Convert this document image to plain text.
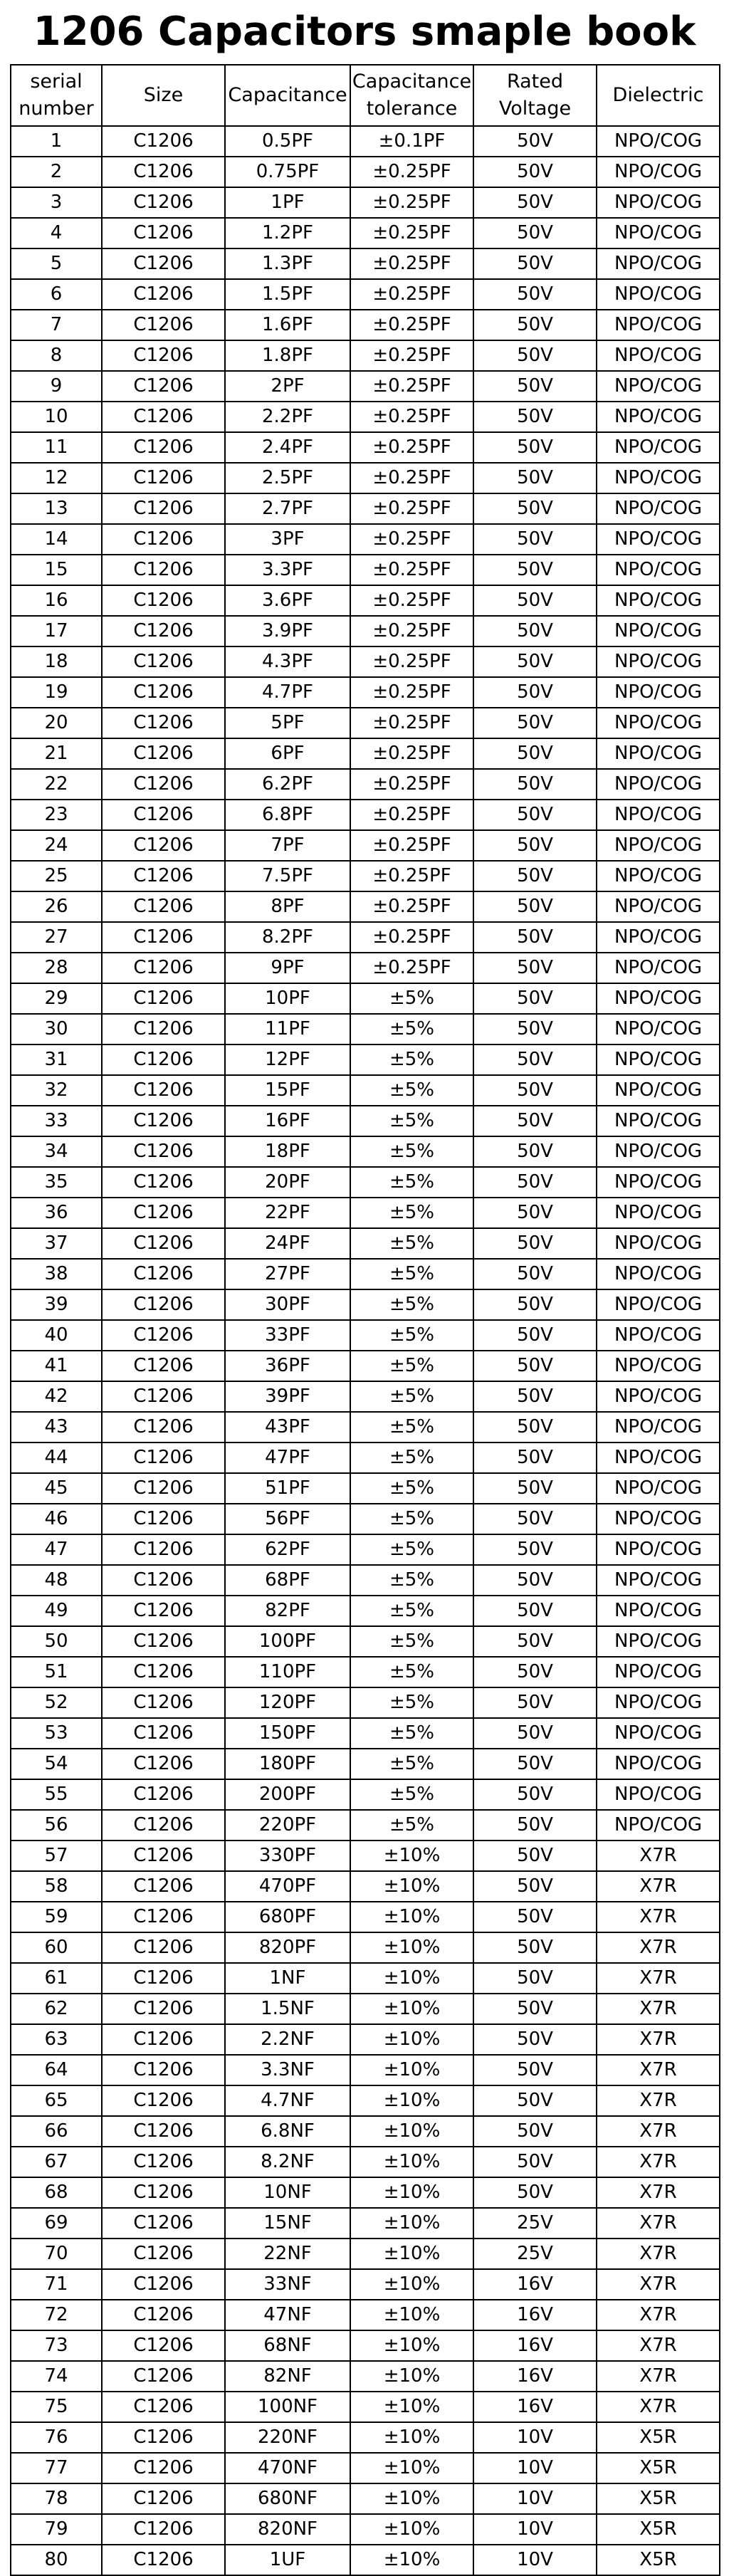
1206 Capacitors smaple book
serial number	Size	Capacitance	Capacitance tolerance	Rated Voltage	Dielectric
1	C1206	0.5PF	±0.1PF	50V	NPO/COG
2	C1206	0.75PF	±0.25PF	50V	NPO/COG
3	C1206	1PF	±0.25PF	50V	NPO/COG
4	C1206	1.2PF	±0.25PF	50V	NPO/COG
5	C1206	1.3PF	±0.25PF	50V	NPO/COG
6	C1206	1.5PF	±0.25PF	50V	NPO/COG
7	C1206	1.6PF	±0.25PF	50V	NPO/COG
8	C1206	1.8PF	±0.25PF	50V	NPO/COG
9	C1206	2PF	±0.25PF	50V	NPO/COG
10	C1206	2.2PF	±0.25PF	50V	NPO/COG
11	C1206	2.4PF	±0.25PF	50V	NPO/COG
12	C1206	2.5PF	±0.25PF	50V	NPO/COG
13	C1206	2.7PF	±0.25PF	50V	NPO/COG
14	C1206	3PF	±0.25PF	50V	NPO/COG
15	C1206	3.3PF	±0.25PF	50V	NPO/COG
16	C1206	3.6PF	±0.25PF	50V	NPO/COG
17	C1206	3.9PF	±0.25PF	50V	NPO/COG
18	C1206	4.3PF	±0.25PF	50V	NPO/COG
19	C1206	4.7PF	±0.25PF	50V	NPO/COG
20	C1206	5PF	±0.25PF	50V	NPO/COG
21	C1206	6PF	±0.25PF	50V	NPO/COG
22	C1206	6.2PF	±0.25PF	50V	NPO/COG
23	C1206	6.8PF	±0.25PF	50V	NPO/COG
24	C1206	7PF	±0.25PF	50V	NPO/COG
25	C1206	7.5PF	±0.25PF	50V	NPO/COG
26	C1206	8PF	±0.25PF	50V	NPO/COG
27	C1206	8.2PF	±0.25PF	50V	NPO/COG
28	C1206	9PF	±0.25PF	50V	NPO/COG
29	C1206	10PF	±5%	50V	NPO/COG
30	C1206	11PF	±5%	50V	NPO/COG
31	C1206	12PF	±5%	50V	NPO/COG
32	C1206	15PF	±5%	50V	NPO/COG
33	C1206	16PF	±5%	50V	NPO/COG
34	C1206	18PF	±5%	50V	NPO/COG
35	C1206	20PF	±5%	50V	NPO/COG
36	C1206	22PF	±5%	50V	NPO/COG
37	C1206	24PF	±5%	50V	NPO/COG
38	C1206	27PF	±5%	50V	NPO/COG
39	C1206	30PF	±5%	50V	NPO/COG
40	C1206	33PF	±5%	50V	NPO/COG
41	C1206	36PF	±5%	50V	NPO/COG
42	C1206	39PF	±5%	50V	NPO/COG
43	C1206	43PF	±5%	50V	NPO/COG
44	C1206	47PF	±5%	50V	NPO/COG
45	C1206	51PF	±5%	50V	NPO/COG
46	C1206	56PF	±5%	50V	NPO/COG
47	C1206	62PF	±5%	50V	NPO/COG
48	C1206	68PF	±5%	50V	NPO/COG
49	C1206	82PF	±5%	50V	NPO/COG
50	C1206	100PF	±5%	50V	NPO/COG
51	C1206	110PF	±5%	50V	NPO/COG
52	C1206	120PF	±5%	50V	NPO/COG
53	C1206	150PF	±5%	50V	NPO/COG
54	C1206	180PF	±5%	50V	NPO/COG
55	C1206	200PF	±5%	50V	NPO/COG
56	C1206	220PF	±5%	50V	NPO/COG
57	C1206	330PF	±10%	50V	X7R
58	C1206	470PF	±10%	50V	X7R
59	C1206	680PF	±10%	50V	X7R
60	C1206	820PF	±10%	50V	X7R
61	C1206	1NF	±10%	50V	X7R
62	C1206	1.5NF	±10%	50V	X7R
63	C1206	2.2NF	±10%	50V	X7R
64	C1206	3.3NF	±10%	50V	X7R
65	C1206	4.7NF	±10%	50V	X7R
66	C1206	6.8NF	±10%	50V	X7R
67	C1206	8.2NF	±10%	50V	X7R
68	C1206	10NF	±10%	50V	X7R
69	C1206	15NF	±10%	25V	X7R
70	C1206	22NF	±10%	25V	X7R
71	C1206	33NF	±10%	16V	X7R
72	C1206	47NF	±10%	16V	X7R
73	C1206	68NF	±10%	16V	X7R
74	C1206	82NF	±10%	16V	X7R
75	C1206	100NF	±10%	16V	X7R
76	C1206	220NF	±10%	10V	X5R
77	C1206	470NF	±10%	10V	X5R
78	C1206	680NF	±10%	10V	X5R
79	C1206	820NF	±10%	10V	X5R
80	C1206	1UF	±10%	10V	X5R
